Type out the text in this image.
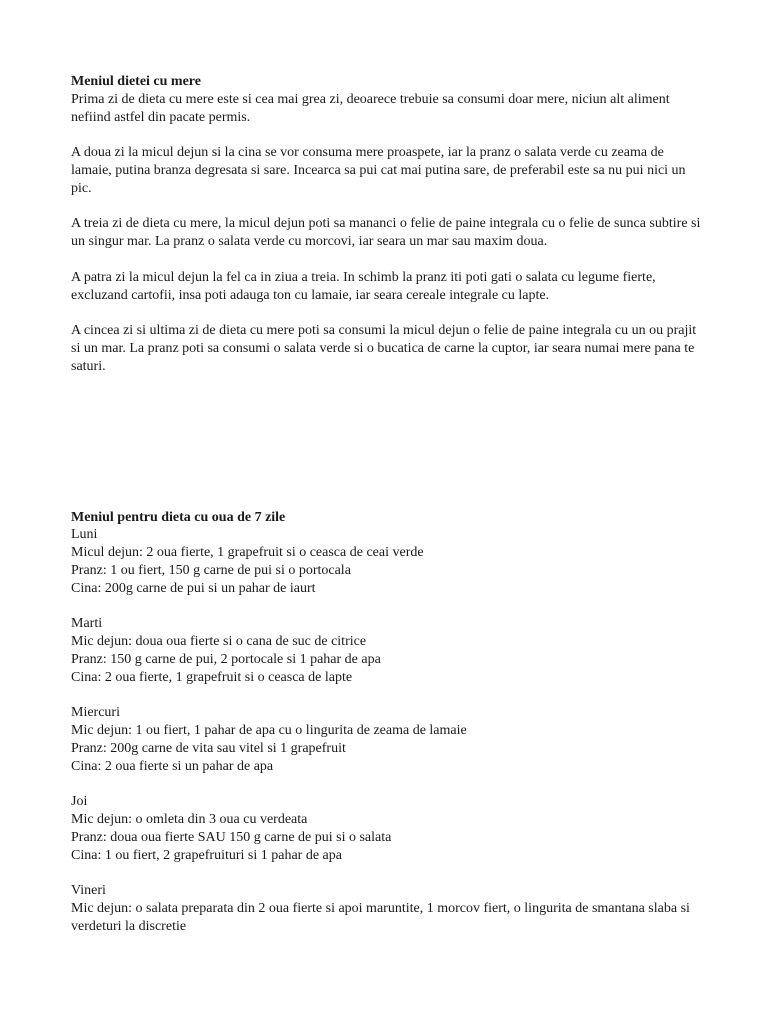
Meniul dietei cu mere

Prima zi de dieta cu mere este si cea mai grea zi, deoarece trebuie sa consumi doar mere, niciun alt aliment nefiind astfel din pacate permis.

A doua zi la micul dejun si la cina se vor consuma mere proaspete, iar la pranz o salata verde cu zeama de lamaie, putina branza degresata si sare. Incearca sa pui cat mai putina sare, de preferabil este sa nu pui nici un pic.

A treia zi de dieta cu mere, la micul dejun poti sa mananci o felie de paine integrala cu o felie de sunca subtire si un singur mar. La pranz o salata verde cu morcovi, iar seara un mar sau maxim doua.

A patra zi la micul dejun la fel ca in ziua a treia. In schimb la pranz iti poti gati o salata cu legume fierte, excluzand cartofii, insa poti adauga ton cu lamaie, iar seara cereale integrale cu lapte.

A cincea zi si ultima zi de dieta cu mere poti sa consumi la micul dejun o felie de paine integrala cu un ou prajit si un mar. La pranz poti sa consumi o salata verde si o bucatica de carne la cuptor, iar seara numai mere pana te saturi.

Meniul pentru dieta cu oua de 7 zile

Luni

Micul dejun: 2 oua fierte, 1 grapefruit si o ceasca de ceai verde

Pranz: 1 ou fiert, 150 g carne de pui si o portocala

Cina: 200g carne de pui si un pahar de iaurt

Marti

Mic dejun: doua oua fierte si o cana de suc de citrice

Pranz: 150 g carne de pui, 2 portocale si 1 pahar de apa

Cina: 2 oua fierte, 1 grapefruit si o ceasca de lapte

Miercuri

Mic dejun: 1 ou fiert, 1 pahar de apa cu o lingurita de zeama de lamaie

Pranz: 200g carne de vita sau vitel si 1 grapefruit

Cina: 2 oua fierte si un pahar de apa

Joi

Mic dejun: o omleta din 3 oua cu verdeata

Pranz: doua oua fierte SAU 150 g carne de pui si o salata

Cina: 1 ou fiert, 2 grapefruituri si 1 pahar de apa

Vineri

Mic dejun: o salata preparata din 2 oua fierte si apoi maruntite, 1 morcov fiert, o lingurita de smantana slaba si verdeturi la discretie
